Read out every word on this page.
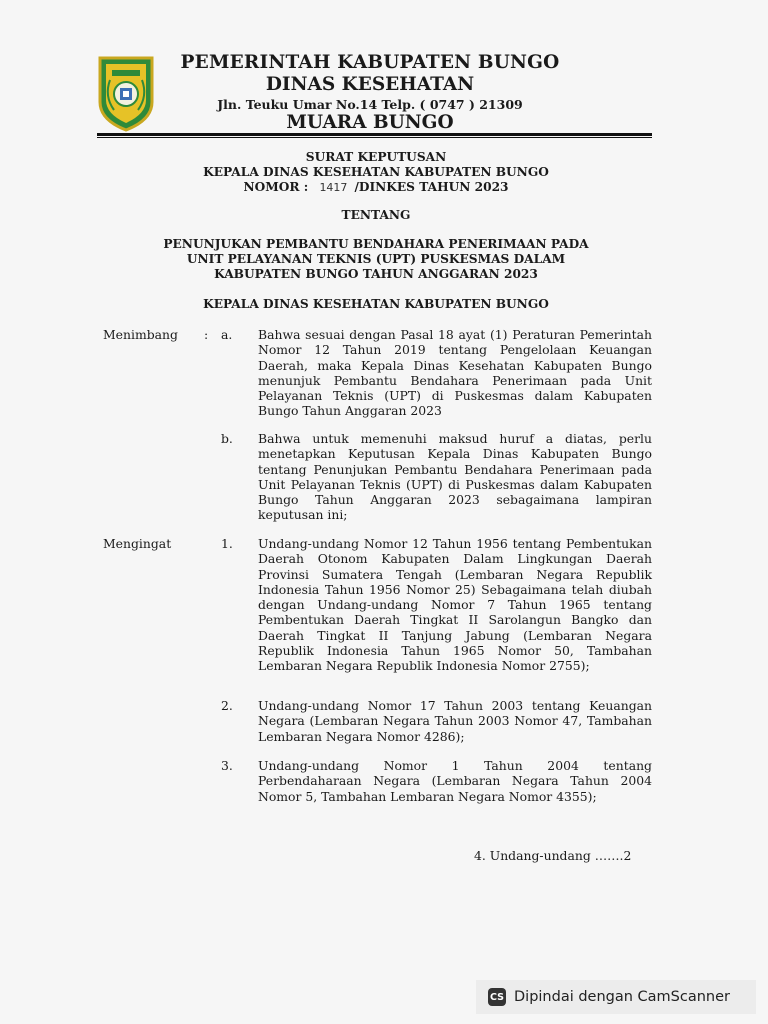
PEMERINTAH KABUPATEN BUNGO
DINAS KESEHATAN
Jln. Teuku Umar No.14 Telp. ( 0747 ) 21309
MUARA BUNGO
SURAT KEPUTUSAN
KEPALA DINAS KESEHATAN KABUPATEN BUNGO
NOMOR : 1417 /DINKES TAHUN 2023
TENTANG
PENUNJUKAN PEMBANTU BENDAHARA PENERIMAAN PADA
UNIT PELAYANAN TEKNIS (UPT) PUSKESMAS DALAM
KABUPATEN BUNGO TAHUN ANGGARAN 2023
KEPALA DINAS KESEHATAN KABUPATEN BUNGO
Menimbang : a. Bahwa sesuai dengan Pasal 18 ayat (1) Peraturan Pemerintah Nomor 12 Tahun 2019 tentang Pengelolaan Keuangan Daerah, maka Kepala Dinas Kesehatan Kabupaten Bungo menunjuk Pembantu Bendahara Penerimaan pada Unit Pelayanan Teknis (UPT) di Puskesmas dalam Kabupaten Bungo Tahun Anggaran 2023
b. Bahwa untuk memenuhi maksud huruf a diatas, perlu menetapkan Keputusan Kepala Dinas Kabupaten Bungo tentang Penunjukan Pembantu Bendahara Penerimaan pada Unit Pelayanan Teknis (UPT) di Puskesmas dalam Kabupaten Bungo Tahun Anggaran 2023 sebagaimana lampiran keputusan ini;
Mengingat	1. Undang-undang Nomor 12 Tahun 1956 tentang Pembentukan Daerah Otonom Kabupaten Dalam Lingkungan Daerah Provinsi Sumatera Tengah (Lembaran Negara Republik Indonesia Tahun 1956 Nomor 25) Sebagaimana telah diubah dengan Undang-undang Nomor 7 Tahun 1965 tentang Pembentukan Daerah Tingkat II Sarolangun Bangko dan Daerah Tingkat II Tanjung Jabung (Lembaran Negara Republik Indonesia Tahun 1965 Nomor 50, Tambahan Lembaran Negara Republik Indonesia Nomor 2755);
2. Undang-undang Nomor 17 Tahun 2003 tentang Keuangan Negara (Lembaran Negara Tahun 2003 Nomor 47, Tambahan Lembaran Negara Nomor 4286);
3. Undang-undang Nomor 1 Tahun 2004 tentang Perbendaharaan Negara (Lembaran Negara Tahun 2004 Nomor 5, Tambahan Lembaran Negara Nomor 4355);
4. Undang-undang …….2
CS Dipindai dengan CamScanner
